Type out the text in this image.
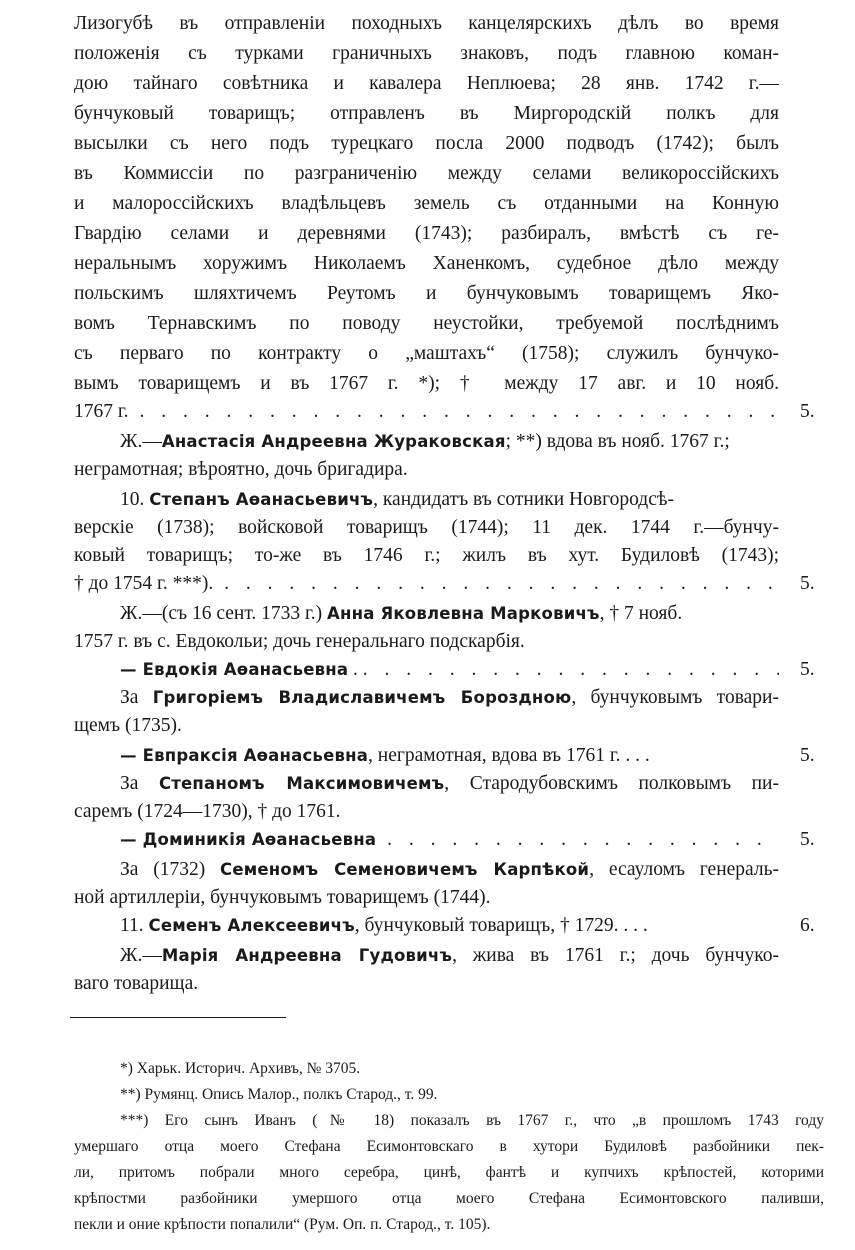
Лизогубѣ въ отправленіи походныхъ канцелярскихъ дѣлъ во время
положенія съ турками граничныхъ знаковъ, подъ главною коман-
дою тайнаго совѣтника и кавалера Неплюева; 28 янв. 1742 г.—
бунчуковый товарищъ; отправленъ въ Миргородскій полкъ для
высылки съ него подъ турецкаго посла 2000 подводъ (1742); былъ
въ Коммиссіи по разграниченію между селами великороссійскихъ
и малороссійскихъ владѣльцевъ земель съ отданными на Конную
Гвардію селами и деревнями (1743); разбиралъ, вмѣстѣ съ ге-
неральнымъ хоружимъ Николаемъ Ханенкомъ, судебное дѣло между
польскимъ шляхтичемъ Реутомъ и бунчуковымъ товарищемъ Яко-
вомъ Тернавскимъ по поводу неустойки, требуемой послѣднимъ
съ перваго по контракту о „маштахъ“ (1758); служилъ бунчуко-
вымъ товарищемъ и въ 1767 г. *); † между 17 авг. и 10 нояб.
1767 г. . . .	5.
Ж.—Анастасія Андреевна Жураковская; **) вдова въ нояб. 1767 г.;
неграмотная; вѣроятно, дочь бригадира.
10. Степанъ Аѳанасьевичъ, кандидатъ въ сотники Новгородсѣ-
верскіе (1738); войсковой товарищъ (1744); 11 дек. 1744 г.—бунчу-
ковый товарищъ; то-же въ 1746 г.; жилъ въ хут. Будиловѣ (1743);
† до 1754 г. ***). . . .	5.
Ж.—(съ 16 сент. 1733 г.) Анна Яковлевна Марковичъ, † 7 нояб.
1757 г. въ с. Евдокольи; дочь генеральнаго подскарбія.
— Евдокія Аѳанасьевна . . . .	5.
За Григоріемъ Владиславичемъ Бороздною, бунчуковымъ товари-
щемъ (1735).
— Евпраксія Аѳанасьевна, неграмотная, вдова въ 1761 г. . . .	5.
За Степаномъ Максимовичемъ, Стародубовскимъ полковымъ пи-
саремъ (1724—1730), † до 1761.
— Доминикія Аѳанасьевна . . .	5.
За (1732) Семеномъ Семеновичемъ Карпѣкой, есауломъ генераль-
ной артиллеріи, бунчуковымъ товарищемъ (1744).
11. Семенъ Алексеевичъ, бунчуковый товарищъ, † 1729. . . .	6.
Ж.—Марія Андреевна Гудовичъ, жива въ 1761 г.; дочь бунчуко-
ваго товарища.
*) Харьк. Историч. Архивъ, № 3705.
**) Румянц. Опись Малор., полкъ Старод., т. 99.
***) Его сынъ Иванъ (№ 18) показалъ въ 1767 г., что „в прошломъ 1743 году
умершаго отца моего Стефана Есимонтовскаго в хутори Будиловѣ разбойники пек-
ли, притомъ побрали много серебра, цинѣ, фантѣ и купчихъ крѣпостей, которими
крѣпостми разбойники умершого отца моего Стефана Есимонтовского паливши,
пекли и оние крѣпости попалили“ (Рум. Оп. п. Старод., т. 105).
